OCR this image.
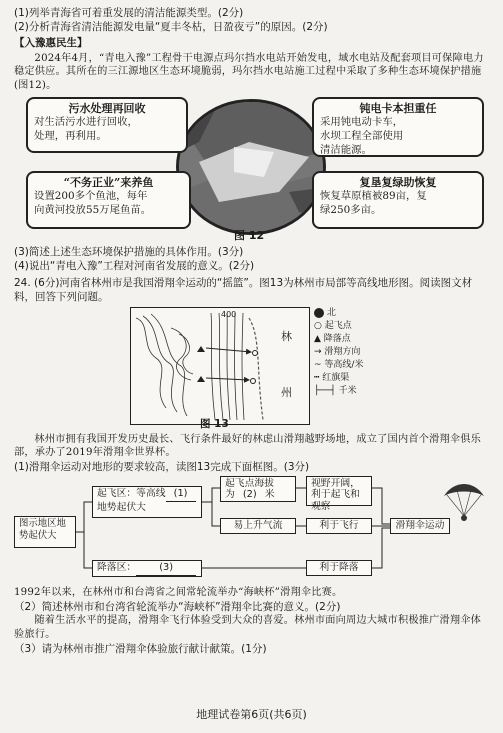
(1)列举青海省可着重发展的清洁能源类型。(2分)
(2)分析青海省清洁能源发电量“夏丰冬枯，日盈夜亏”的原因。(2分)
【入豫惠民生】
2024年4月，“青电入豫”工程骨干电源点玛尔挡水电站开始发电，域水电站及配套项目可保障电力稳定供应。其所在的三江源地区生态环境脆弱，玛尔挡水电站施工过程中采取了多种生态环境保护措施(图12)。
污水处理再回收
对生活污水进行回收，
处理，再利用。
钝电卡本担重任
采用钝电动卡车，
水坝工程全部使用
清洁能源。
“不务正业”来养鱼
设置200多个鱼池，每年
向黄河投放55万尾鱼苗。
复垦复绿助恢复
恢复草原植被89亩，复
绿250多亩。
图 12
(3)简述上述生态环境保护措施的具体作用。(3分)
(4)说出“青电入豫”工程对河南省发展的意义。(2分)
24. (6分)河南省林州市是我国滑翔伞运动的“摇篮”。图13为林州市局部等高线地形图。阅读图文材料，回答下列问题。
林
州
400	北
○ 起飞点
▲ 降落点
→ 滑翔方向
~ 等高线/米
┅ 红旗渠
├──┤ 千米
图 13
林州市拥有我国开发历史最长、飞行条件最好的林虑山滑翔越野场地，成立了国内首个滑翔伞俱乐部，承办了2019年滑翔伞世界杯。
(1)滑翔伞运动对地形的要求较高，读图13完成下面框图。(3分)
图示地区地势起伏大
起飞区：等高线 (1)
地势起伏大
起飞点海拔
为 (2) 米
视野开阔，利于起飞和观察
易上升气流	利于飞行	滑翔伞运动
降落区： (3)	利于降落
1992年以来，在林州市和台湾省之间常轮流举办“海峡杯”滑翔伞比赛。
（2）简述林州市和台湾省轮流举办“海峡杯”滑翔伞比赛的意义。(2分)
随着生活水平的提高，滑翔伞飞行体验受到大众的喜爱。林州市面向周边大城市积极推广滑翔伞体验旅行。
（3）请为林州市推广滑翔伞体验旅行献计献策。(1分)
地理试卷第6页(共6页)
